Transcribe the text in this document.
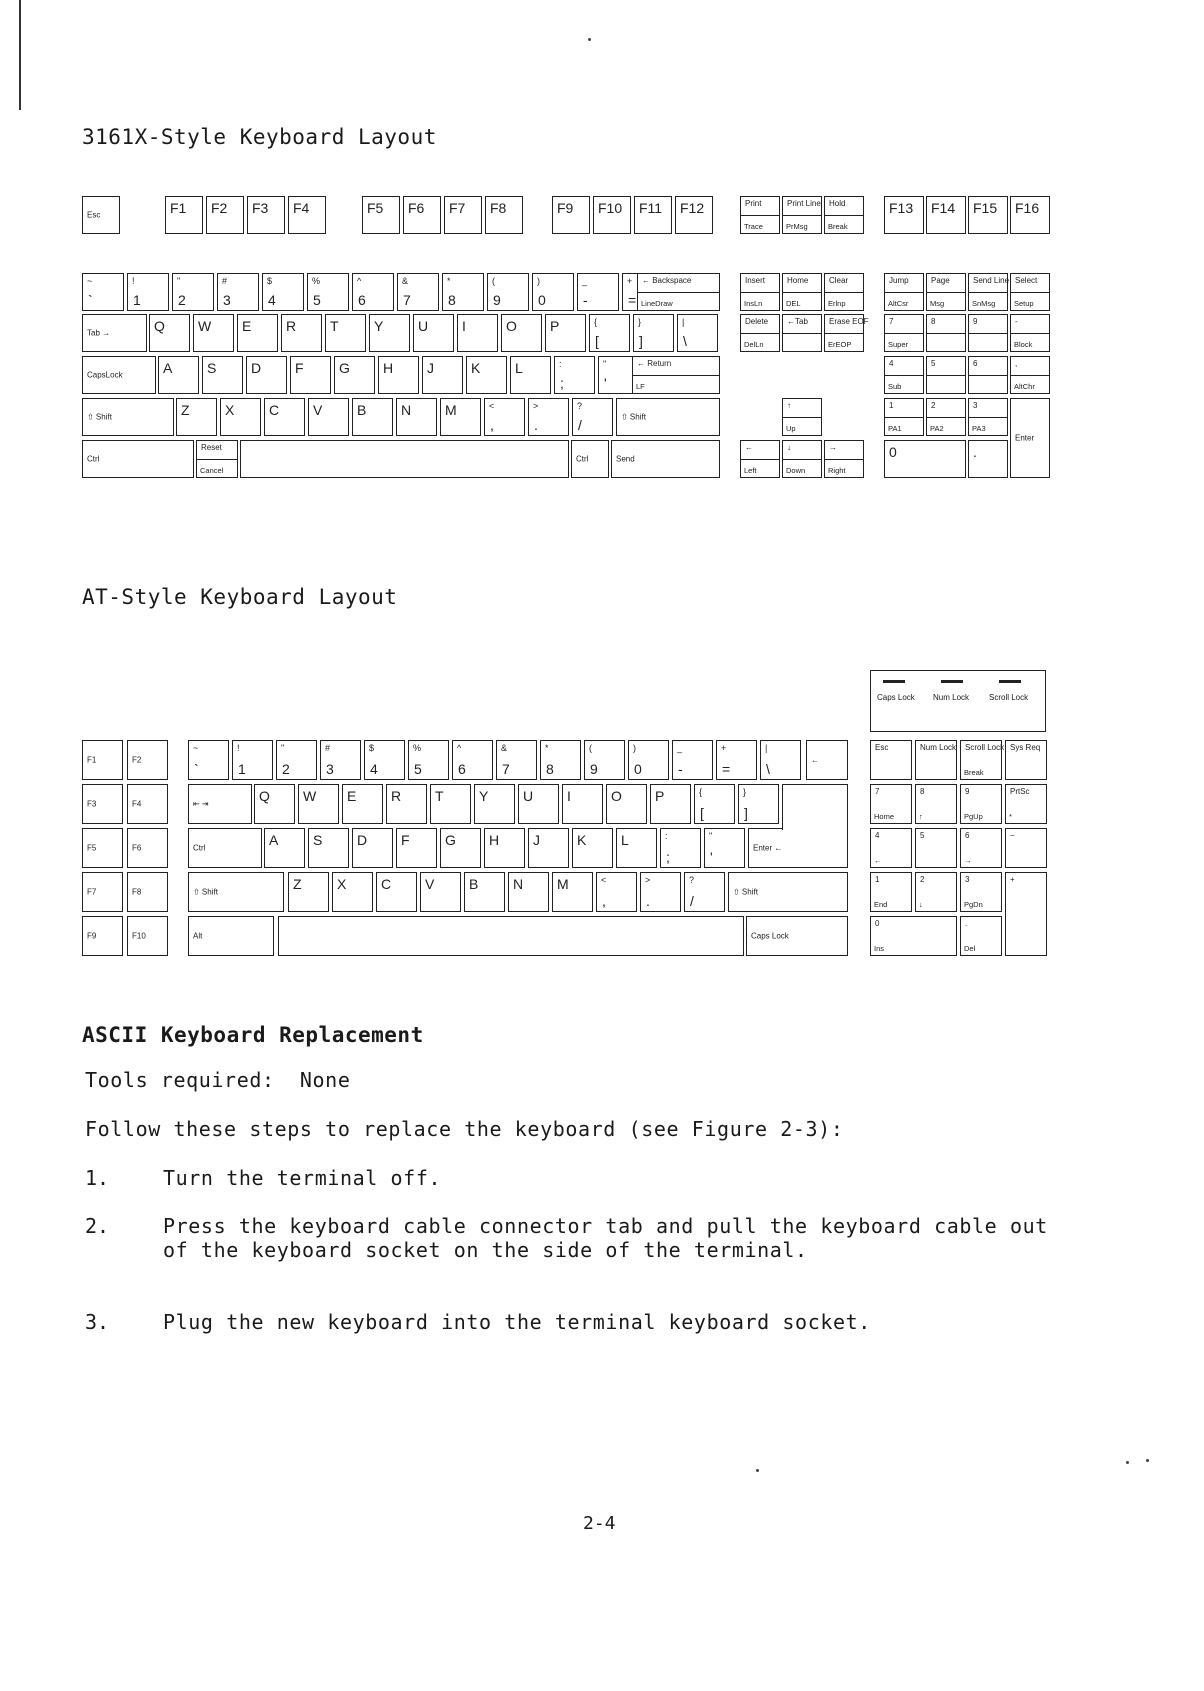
3161X-Style Keyboard Layout
Esc	F1 F2 F3 F4	F5 F6 F7 F8	F9 F10 F11 F12
Trace
Print
PrMsg
Print Line
Break
Hold	F13 F14 F15 F16
~
`
!
1
"
2
#
3
$
4
%
5
^
6
&
7
*
8
(
9
)
0
_
-
+
= LineDraw
← Backspace
Tab →	Q W E R T	Y U I	O P	{
[
}
]
|
\
CapsLock	A S D F	G H J	K L	:
;
"
'	LF
← Return
⇧ Shift	Z	X C V B N M	<
,
>
.
?
/	⇧ Shift
Ctrl
Cancel
Reset
Ctrl	Send
InsLn
Insert
DEL
Home
Erlnp
Clear
DelLn
Delete ←Tab
ErEOP
Erase EOF
Up
↑
Left
←
Down
↓
Right
→
AltCsr
Jump
Msg
Page
SnMsg
Send Line
Setup
Select
Super
7	8	9
Block
-
Sub
4	5	6
AltChr
,
PA1
1
PA2
2
PA3
3
0	.
Enter
AT-Style Keyboard Layout
F1	F2
F3	F4
F5	F6
F7	F8
F9	F10
~
`
!
1
"
2
#
3
$
4
%
5
^
6
&
7
*
8
(
9
)
0
_
-
+
=
|
\
←
⇤ ⇥	Q W E R T	Y U I	O P	{
[
}
]
Ctrl	A S D F	G H J	K L	:
;
"
'
Enter ←
⇧ Shift	Z	X C V B N M	<
,
>
.
?
/
⇧ Shift
Alt	Caps Lock
Caps Lock Num Lock Scroll Lock
Esc	Num Lock
Break
Scroll Lock Sys Req
Home
7
↑
8
PgUp
9
*
PrtSc
←
4	5
→
6	−
End
1
↓
2
PgDn
3	+
Ins
0
Del
.
ASCII Keyboard Replacement

Tools required:  None

Follow these steps to replace the keyboard (see Figure 2-3):

1.	Turn the terminal off.
2.	Press the keyboard cable connector tab and pull the keyboard cable out of the keyboard socket on the side of the terminal.
3.	Plug the new keyboard into the terminal keyboard socket.
2-4
